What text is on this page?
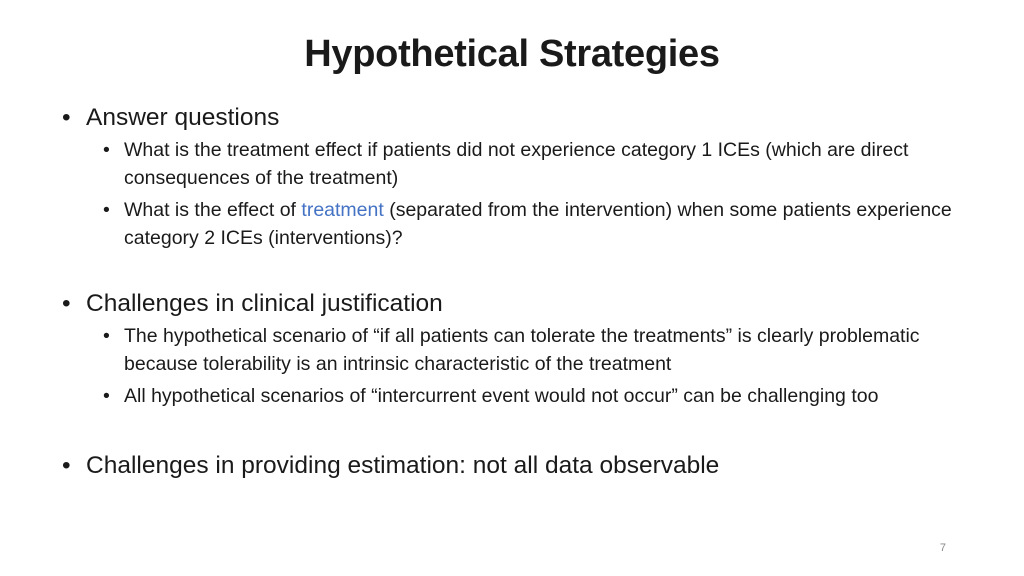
Hypothetical Strategies
• Answer questions
• What is the treatment effect if patients did not experience category 1 ICEs (which are direct consequences of the treatment)
• What is the effect of treatment (separated from the intervention) when some patients experience category 2 ICEs (interventions)?
• Challenges in clinical justification
• The hypothetical scenario of “if all patients can tolerate the treatments” is clearly problematic because tolerability is an intrinsic characteristic of the treatment
• All hypothetical scenarios of “intercurrent event would not occur” can be challenging too
• Challenges in providing estimation: not all data observable
7
